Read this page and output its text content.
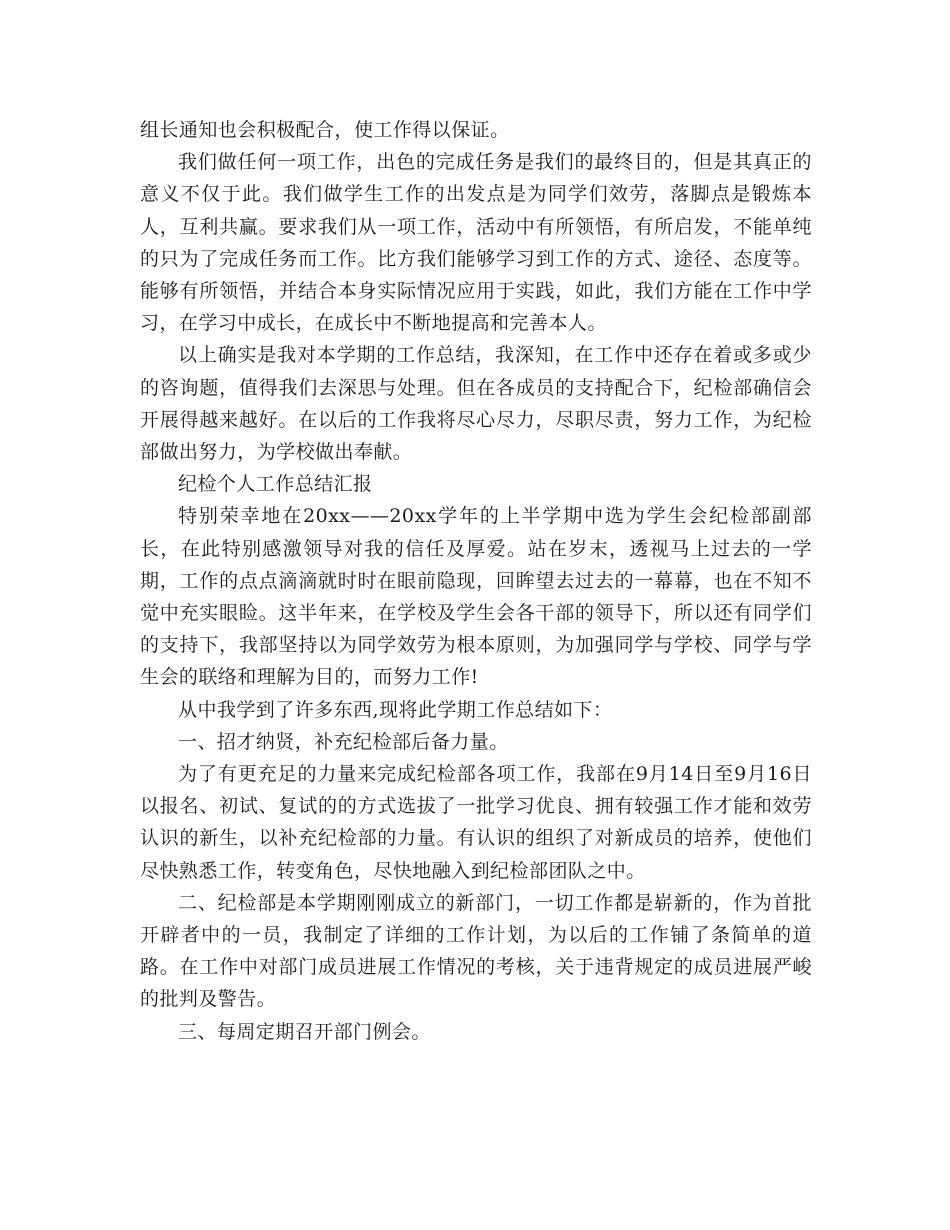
组长通知也会积极配合，使工作得以保证。

我们做任何一项工作，出色的完成任务是我们的最终目的，但是其真正的意义不仅于此。我们做学生工作的出发点是为同学们效劳，落脚点是锻炼本人，互利共赢。要求我们从一项工作，活动中有所领悟，有所启发，不能单纯的只为了完成任务而工作。比方我们能够学习到工作的方式、途径、态度等。能够有所领悟，并结合本身实际情况应用于实践，如此，我们方能在工作中学习，在学习中成长，在成长中不断地提高和完善本人。

以上确实是我对本学期的工作总结，我深知，在工作中还存在着或多或少的咨询题，值得我们去深思与处理。但在各成员的支持配合下，纪检部确信会开展得越来越好。在以后的工作我将尽心尽力，尽职尽责，努力工作，为纪检部做出努力，为学校做出奉献。

纪检个人工作总结汇报

特别荣幸地在20xx——20xx学年的上半学期中选为学生会纪检部副部长，在此特别感激领导对我的信任及厚爱。站在岁末，透视马上过去的一学期，工作的点点滴滴就时时在眼前隐现，回眸望去过去的一幕幕，也在不知不觉中充实眼睑。这半年来，在学校及学生会各干部的领导下，所以还有同学们的支持下，我部坚持以为同学效劳为根本原则，为加强同学与学校、同学与学生会的联络和理解为目的，而努力工作!

从中我学到了许多东西,现将此学期工作总结如下：

一、招才纳贤，补充纪检部后备力量。

为了有更充足的力量来完成纪检部各项工作，我部在9月14日至9月16日以报名、初试、复试的的方式选拔了一批学习优良、拥有较强工作才能和效劳认识的新生，以补充纪检部的力量。有认识的组织了对新成员的培养，使他们尽快熟悉工作，转变角色，尽快地融入到纪检部团队之中。

二、纪检部是本学期刚刚成立的新部门，一切工作都是崭新的，作为首批开辟者中的一员，我制定了详细的工作计划，为以后的工作铺了条简单的道路。在工作中对部门成员进展工作情况的考核，关于违背规定的成员进展严峻的批判及警告。

三、每周定期召开部门例会。
